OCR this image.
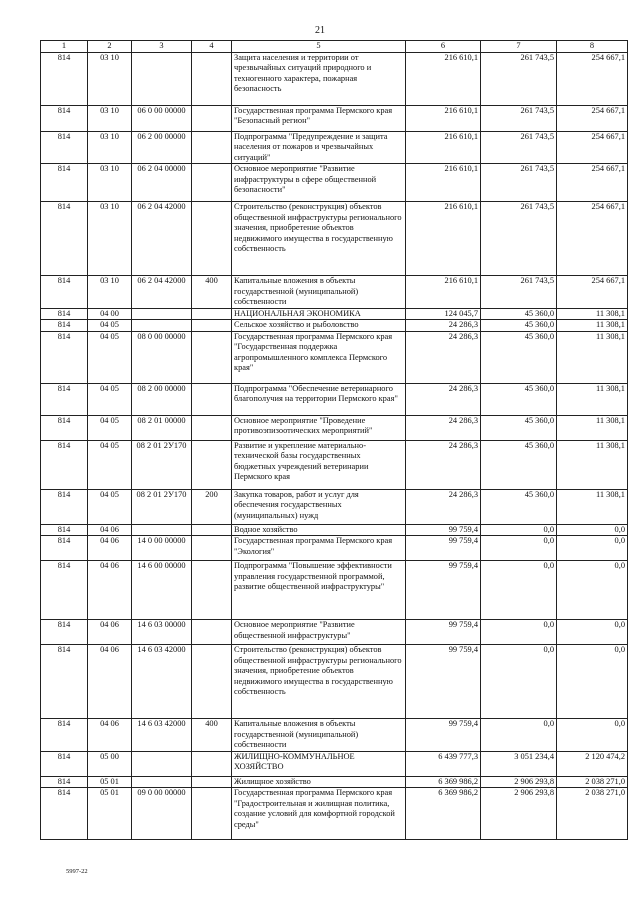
21
1	2	3	4	5	6	7	8
814	03 10			Защита населения и территории от чрезвычайных ситуаций природного и техногенного характера, пожарная безопасность	216 610,1	261 743,5	254 667,1
814	03 10	06 0 00 00000		Государственная программа Пермского края "Безопасный регион"	216 610,1	261 743,5	254 667,1
814	03 10	06 2 00 00000		Подпрограмма "Предупреждение и защита населения от пожаров и чрезвычайных ситуаций"	216 610,1	261 743,5	254 667,1
814	03 10	06 2 04 00000		Основное мероприятие "Развитие инфраструктуры в сфере общественной безопасности"	216 610,1	261 743,5	254 667,1
814	03 10	06 2 04 42000		Строительство (реконструкция) объектов общественной инфраструктуры регионального значения, приобретение объектов недвижимого имущества в государственную собственность	216 610,1	261 743,5	254 667,1
814	03 10	06 2 04 42000	400	Капитальные вложения в объекты государственной (муниципальной) собственности	216 610,1	261 743,5	254 667,1
814	04 00			НАЦИОНАЛЬНАЯ ЭКОНОМИКА	124 045,7	45 360,0	11 308,1
814	04 05			Сельское хозяйство и рыболовство	24 286,3	45 360,0	11 308,1
814	04 05	08 0 00 00000		Государственная программа Пермского края "Государственная поддержка агропромышленного комплекса Пермского края"	24 286,3	45 360,0	11 308,1
814	04 05	08 2 00 00000		Подпрограмма "Обеспечение ветеринарного благополучия на территории Пермского края"	24 286,3	45 360,0	11 308,1
814	04 05	08 2 01 00000		Основное мероприятие "Проведение противоэпизоотических мероприятий"	24 286,3	45 360,0	11 308,1
814	04 05	08 2 01 2У170		Развитие и укрепление материально-технической базы государственных бюджетных учреждений ветеринарии Пермского края	24 286,3	45 360,0	11 308,1
814	04 05	08 2 01 2У170	200	Закупка товаров, работ и услуг для обеспечения государственных (муниципальных) нужд	24 286,3	45 360,0	11 308,1
814	04 06			Водное хозяйство	99 759,4	0,0	0,0
814	04 06	14 0 00 00000		Государственная программа Пермского края "Экология"	99 759,4	0,0	0,0
814	04 06	14 6 00 00000		Подпрограмма "Повышение эффективности управления государственной программой, развитие общественной инфраструктуры"	99 759,4	0,0	0,0
814	04 06	14 6 03 00000		Основное мероприятие "Развитие общественной инфраструктуры"	99 759,4	0,0	0,0
814	04 06	14 6 03 42000		Строительство (реконструкция) объектов общественной инфраструктуры регионального значения, приобретение объектов недвижимого имущества в государственную собственность	99 759,4	0,0	0,0
814	04 06	14 6 03 42000	400	Капитальные вложения в объекты государственной (муниципальной) собственности	99 759,4	0,0	0,0
814	05 00			ЖИЛИЩНО-КОММУНАЛЬНОЕ ХОЗЯЙСТВО	6 439 777,3	3 051 234,4	2 120 474,2
814	05 01			Жилищное хозяйство	6 369 986,2	2 906 293,8	2 038 271,0
814	05 01	09 0 00 00000		Государственная программа Пермского края "Градостроительная и жилищная политика, создание условий для комфортной городской среды"	6 369 986,2	2 906 293,8	2 038 271,0
5997-22
